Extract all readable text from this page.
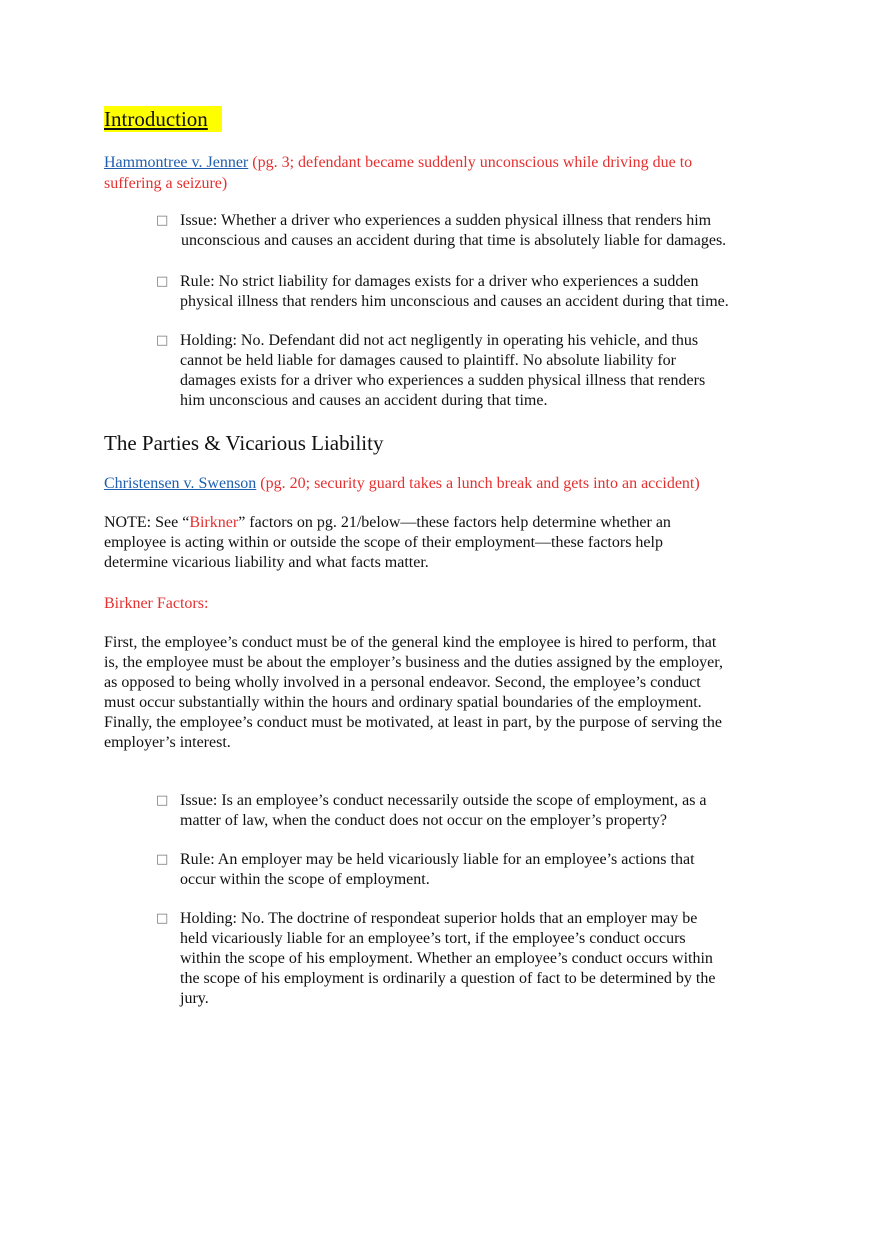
Introduction
Hammontree v. Jenner (pg. 3; defendant became suddenly unconscious while driving due to
suffering a seizure)
□ Issue: Whether a driver who experiences a sudden physical illness that renders him
unconscious and causes an accident during that time is absolutely liable for damages.
□ Rule: No strict liability for damages exists for a driver who experiences a sudden
physical illness that renders him unconscious and causes an accident during that time.
□ Holding: No. Defendant did not act negligently in operating his vehicle, and thus
cannot be held liable for damages caused to plaintiff. No absolute liability for
damages exists for a driver who experiences a sudden physical illness that renders
him unconscious and causes an accident during that time.
The Parties & Vicarious Liability
Christensen v. Swenson (pg. 20; security guard takes a lunch break and gets into an accident)
NOTE: See “Birkner” factors on pg. 21/below—these factors help determine whether an
employee is acting within or outside the scope of their employment—these factors help
determine vicarious liability and what facts matter.
Birkner Factors:
First, the employee’s conduct must be of the general kind the employee is hired to perform, that
is, the employee must be about the employer’s business and the duties assigned by the employer,
as opposed to being wholly involved in a personal endeavor. Second, the employee’s conduct
must occur substantially within the hours and ordinary spatial boundaries of the employment.
Finally, the employee’s conduct must be motivated, at least in part, by the purpose of serving the
employer’s interest.
□ Issue: Is an employee’s conduct necessarily outside the scope of employment, as a
matter of law, when the conduct does not occur on the employer’s property?
□ Rule: An employer may be held vicariously liable for an employee’s actions that
occur within the scope of employment.
□ Holding: No. The doctrine of respondeat superior holds that an employer may be
held vicariously liable for an employee’s tort, if the employee’s conduct occurs
within the scope of his employment. Whether an employee’s conduct occurs within
the scope of his employment is ordinarily a question of fact to be determined by the
jury.
